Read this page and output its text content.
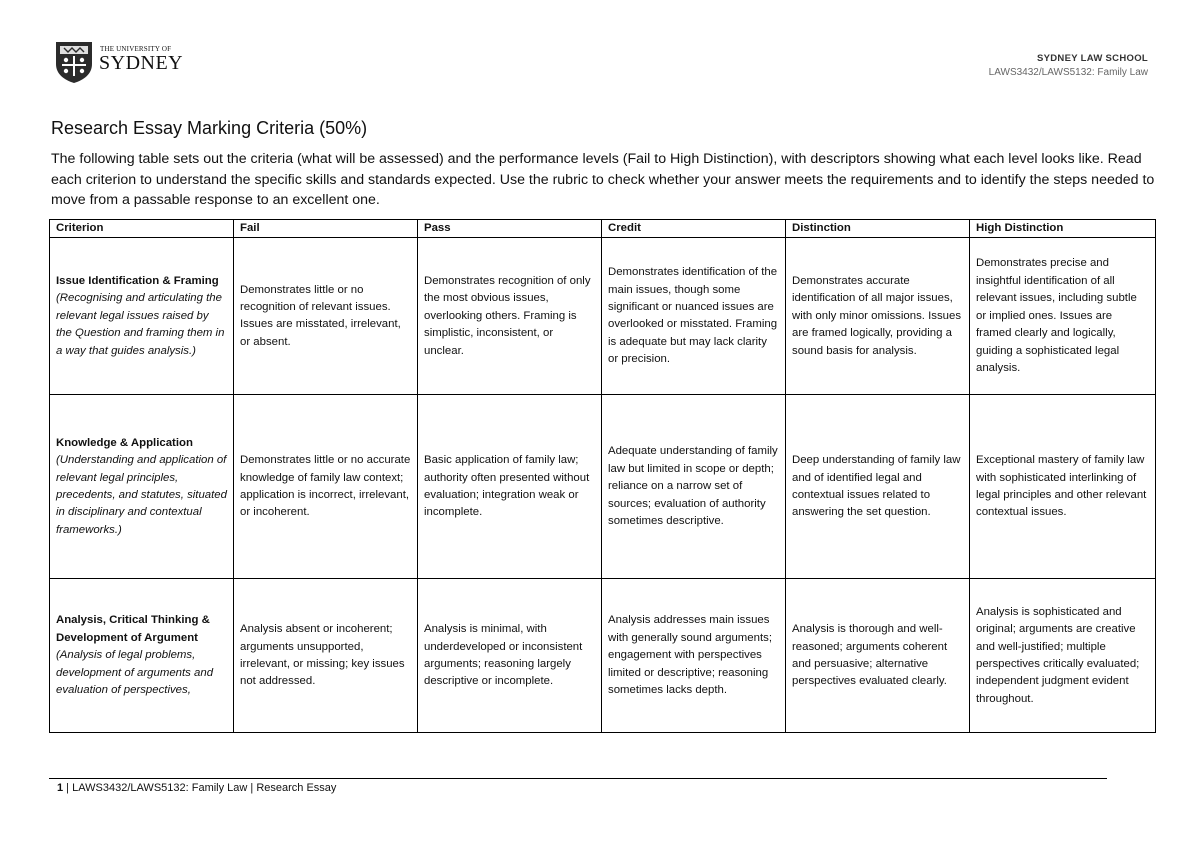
THE UNIVERSITY OF
SYDNEY	SYDNEY LAW SCHOOL
LAWS3432/LAWS5132: Family Law
Research Essay Marking Criteria (50%)
The following table sets out the criteria (what will be assessed) and the performance levels (Fail to High Distinction), with descriptors showing what each level looks like. Read each criterion to understand the specific skills and standards expected. Use the rubric to check whether your answer meets the requirements and to identify the steps needed to move from a passable response to an excellent one.
Criterion	Fail	Pass	Credit	Distinction	High Distinction
Issue Identification & Framing (Recognising and articulating the relevant legal issues raised by the Question and framing them in a way that guides analysis.)	Demonstrates little or no recognition of relevant issues. Issues are misstated, irrelevant, or absent.	Demonstrates recognition of only the most obvious issues, overlooking others. Framing is simplistic, inconsistent, or unclear.	Demonstrates identification of the main issues, though some significant or nuanced issues are overlooked or misstated. Framing is adequate but may lack clarity or precision.	Demonstrates accurate identification of all major issues, with only minor omissions. Issues are framed logically, providing a sound basis for analysis.	Demonstrates precise and insightful identification of all relevant issues, including subtle or implied ones. Issues are framed clearly and logically, guiding a sophisticated legal analysis.
Knowledge & Application (Understanding and application of relevant legal principles, precedents, and statutes, situated in disciplinary and contextual frameworks.)	Demonstrates little or no accurate knowledge of family law context; application is incorrect, irrelevant, or incoherent.	Basic application of family law; authority often presented without evaluation; integration weak or incomplete.	Adequate understanding of family law but limited in scope or depth; reliance on a narrow set of sources; evaluation of authority sometimes descriptive.	Deep understanding of family law and of identified legal and contextual issues related to answering the set question.	Exceptional mastery of family law with sophisticated interlinking of legal principles and other relevant contextual issues.
Analysis, Critical Thinking & Development of Argument (Analysis of legal problems, development of arguments and evaluation of perspectives,	Analysis absent or incoherent; arguments unsupported, irrelevant, or missing; key issues not addressed.	Analysis is minimal, with underdeveloped or inconsistent arguments; reasoning largely descriptive or incomplete.	Analysis addresses main issues with generally sound arguments; engagement with perspectives limited or descriptive; reasoning sometimes lacks depth.	Analysis is thorough and well-reasoned; arguments coherent and persuasive; alternative perspectives evaluated clearly.	Analysis is sophisticated and original; arguments are creative and well-justified; multiple perspectives critically evaluated; independent judgment evident throughout.
1 | LAWS3432/LAWS5132: Family Law | Research Essay
